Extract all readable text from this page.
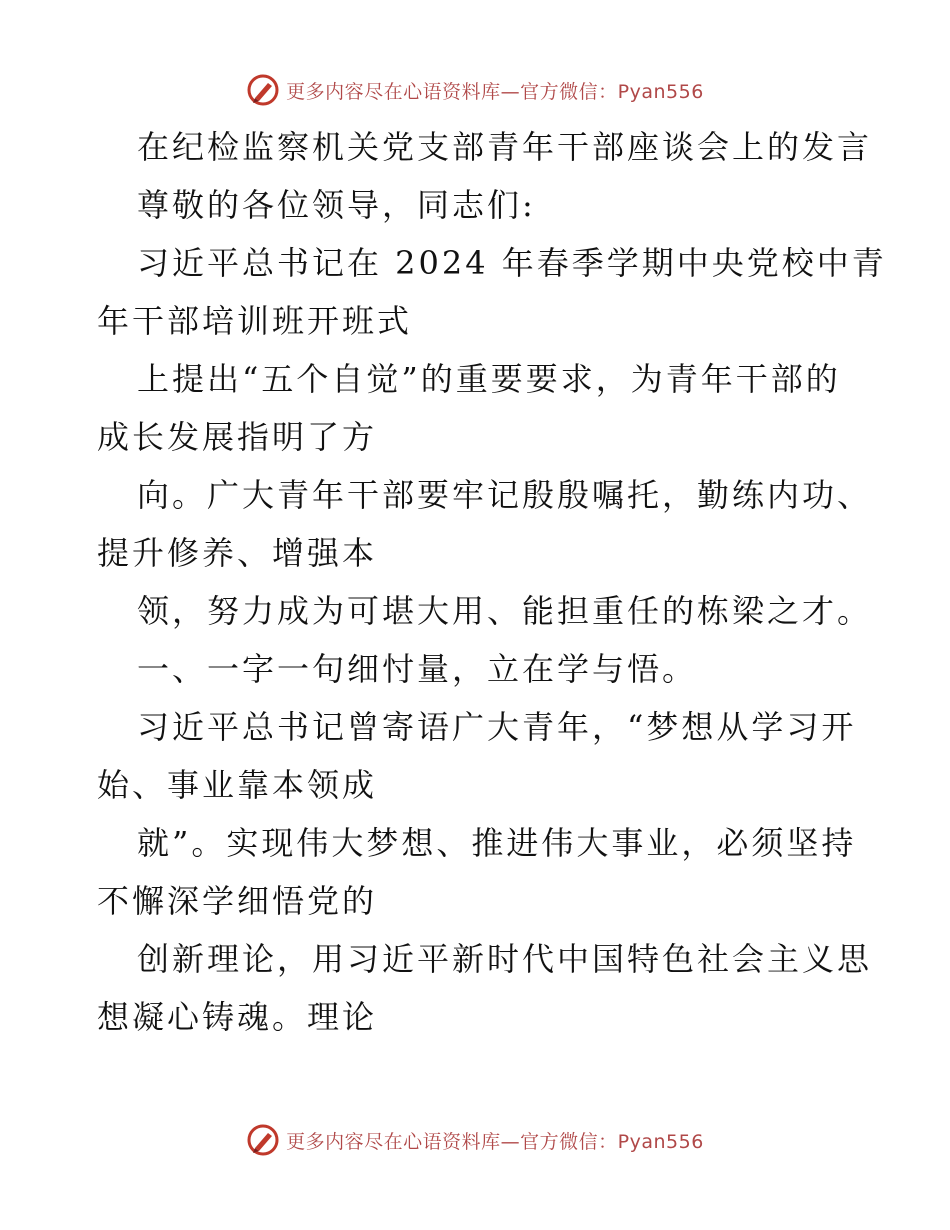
更多内容尽在心语资料库—官方微信：Pyan556

在纪检监察机关党支部青年干部座谈会上的发言

尊敬的各位领导，同志们:

习近平总书记在 2024 年春季学期中央党校中青

年干部培训班开班式

上提出“五个自觉”的重要要求，为青年干部的

成长发展指明了方

向。广大青年干部要牢记殷殷嘱托，勤练内功、

提升修养、增强本

领，努力成为可堪大用、能担重任的栋梁之才。

一、一字一句细忖量，立在学与悟。

习近平总书记曾寄语广大青年，“梦想从学习开

始、事业靠本领成

就”。实现伟大梦想、推进伟大事业，必须坚持

不懈深学细悟党的

创新理论，用习近平新时代中国特色社会主义思

想凝心铸魂。理论

更多内容尽在心语资料库—官方微信：Pyan556
